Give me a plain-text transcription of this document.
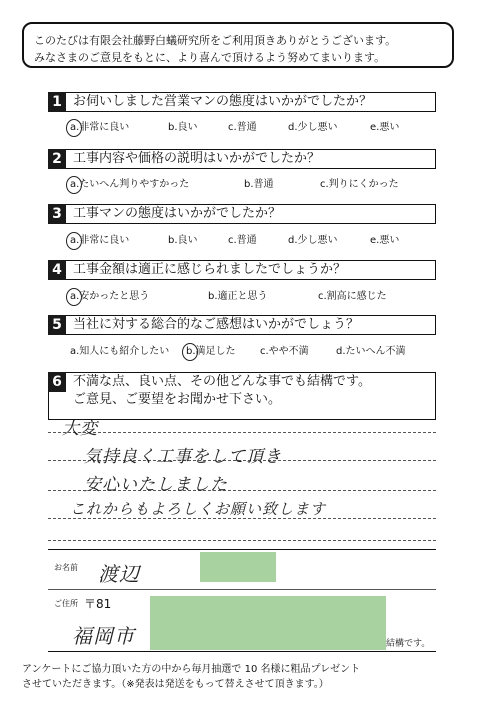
このたびは有限会社藤野白蟻研究所をご利用頂きありがとうございます。
みなさまのご意見をもとに、より喜んで頂けるよう努めてまいります。
1 お伺いしました営業マンの態度はいかがでしたか？
a.非常に良い	b.良い	c.普通	d.少し悪い	e.悪い
2 工事内容や価格の説明はいかがでしたか？
a.たいへん判りやすかった	b.普通	c.判りにくかった
3 工事マンの態度はいかがでしたか？
a.非常に良い	b.良い	c.普通	d.少し悪い	e.悪い
4 工事金額は適正に感じられましたでしょうか？
a.安かったと思う	b.適正と思う	c.割高に感じた
5 当社に対する総合的なご感想はいかがでしょう？
a.知人にも紹介したい b.満足した c.やや不満	d.たいへん不満
6 不満な点、良い点、その他どんな事でも結構です。
ご意見、ご要望をお聞かせ下さい。
大変
気持良く工事をして頂き
安心いたしました
これからもよろしくお願い致します
お名前 渡辺
ご住所 〒81
福岡市	結構です。
アンケートにご協力頂いた方の中から毎月抽選で 10 名様に粗品プレゼント
させていただきます。（※発表は発送をもって替えさせて頂きます。）
